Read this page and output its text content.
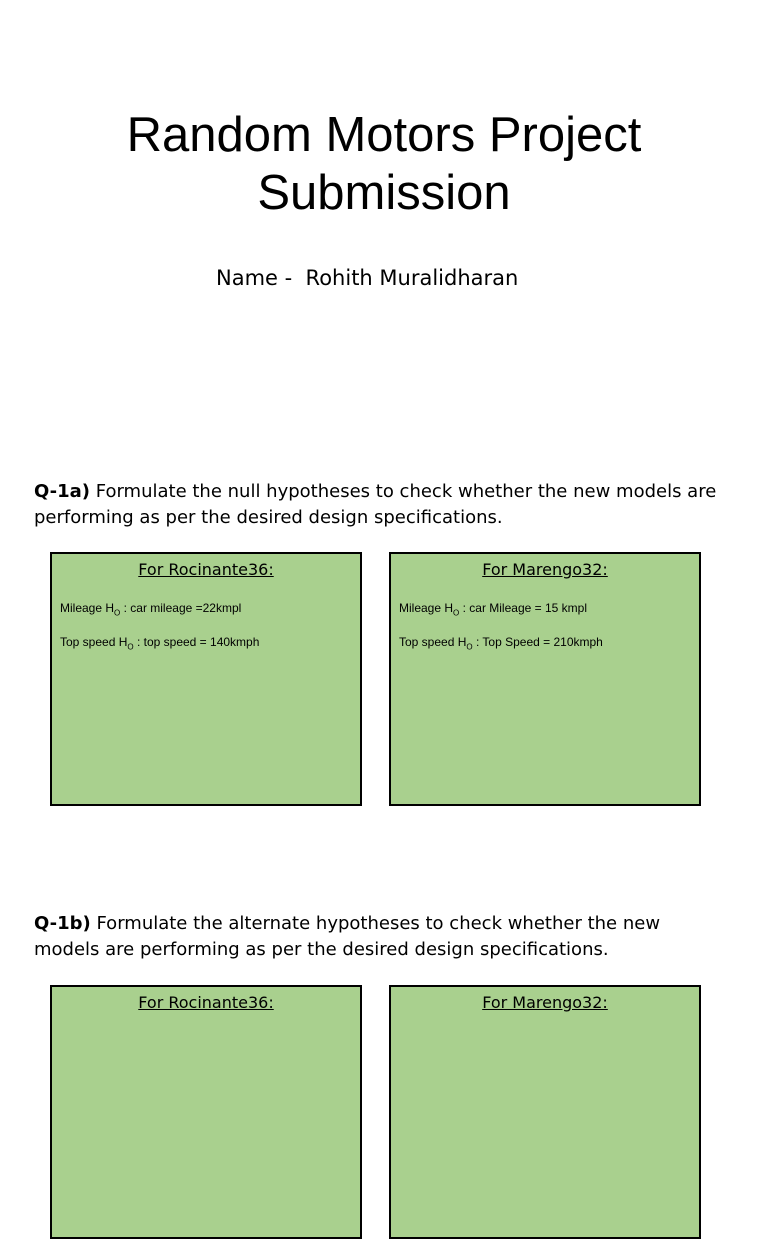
Random Motors Project
Submission
Name -  Rohith Muralidharan
Q-1a) Formulate the null hypotheses to check whether the new models are performing as per the desired design specifications.
For Rocinante36:
Mileage $H_O$ : car mileage =22kmpl
Top speed $H_O$ : top speed = 140kmph
For Marengo32:
Mileage $H_O$ : car Mileage = 15 kmpl
Top speed $H_O$ : Top Speed = 210kmph
Q-1b) Formulate the alternate hypotheses to check whether the new models are performing as per the desired design specifications.
For Rocinante36:	For Marengo32:
